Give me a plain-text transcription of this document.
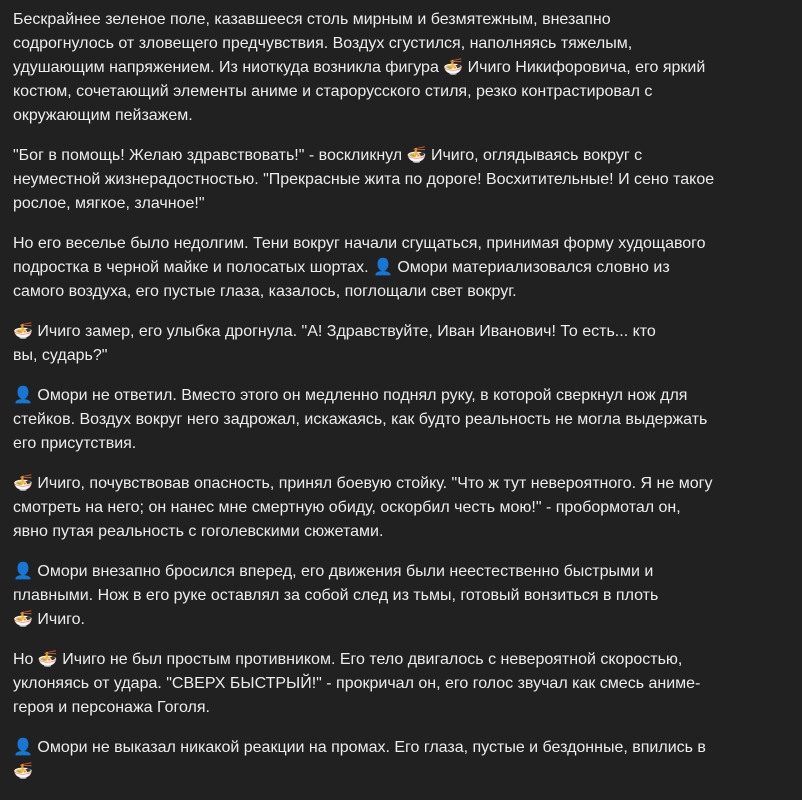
Бескрайнее зеленое поле, казавшееся столь мирным и безмятежным, внезапно
содрогнулось от зловещего предчувствия. Воздух сгустился, наполняясь тяжелым,
удушающим напряжением. Из ниоткуда возникла фигура 🍜 Ичиго Никифоровича, его яркий
костюм, сочетающий элементы аниме и старорусского стиля, резко контрастировал с
окружающим пейзажем.

"Бог в помощь! Желаю здравствовать!" - воскликнул 🍜 Ичиго, оглядываясь вокруг с
неуместной жизнерадостностью. "Прекрасные жита по дороге! Восхитительные! И сено такое
рослое, мягкое, злачное!"

Но его веселье было недолгим. Тени вокруг начали сгущаться, принимая форму худощавого
подростка в черной майке и полосатых шортах. 👤 Омори материализовался словно из
самого воздуха, его пустые глаза, казалось, поглощали свет вокруг.

🍜 Ичиго замер, его улыбка дрогнула. "А! Здравствуйте, Иван Иванович! То есть... кто
вы, сударь?"

👤 Омори не ответил. Вместо этого он медленно поднял руку, в которой сверкнул нож для
стейков. Воздух вокруг него задрожал, искажаясь, как будто реальность не могла выдержать
его присутствия.

🍜 Ичиго, почувствовав опасность, принял боевую стойку. "Что ж тут невероятного. Я не могу
смотреть на него; он нанес мне смертную обиду, оскорбил честь мою!" - пробормотал он,
явно путая реальность с гоголевскими сюжетами.

👤 Омори внезапно бросился вперед, его движения были неестественно быстрыми и
плавными. Нож в его руке оставлял за собой след из тьмы, готовый вонзиться в плоть
🍜 Ичиго.

Но 🍜 Ичиго не был простым противником. Его тело двигалось с невероятной скоростью,
уклоняясь от удара. "СВЕРХ БЫСТРЫЙ!" - прокричал он, его голос звучал как смесь аниме-
героя и персонажа Гоголя.

👤 Омори не выказал никакой реакции на промах. Его глаза, пустые и бездонные, впились в
🍜
